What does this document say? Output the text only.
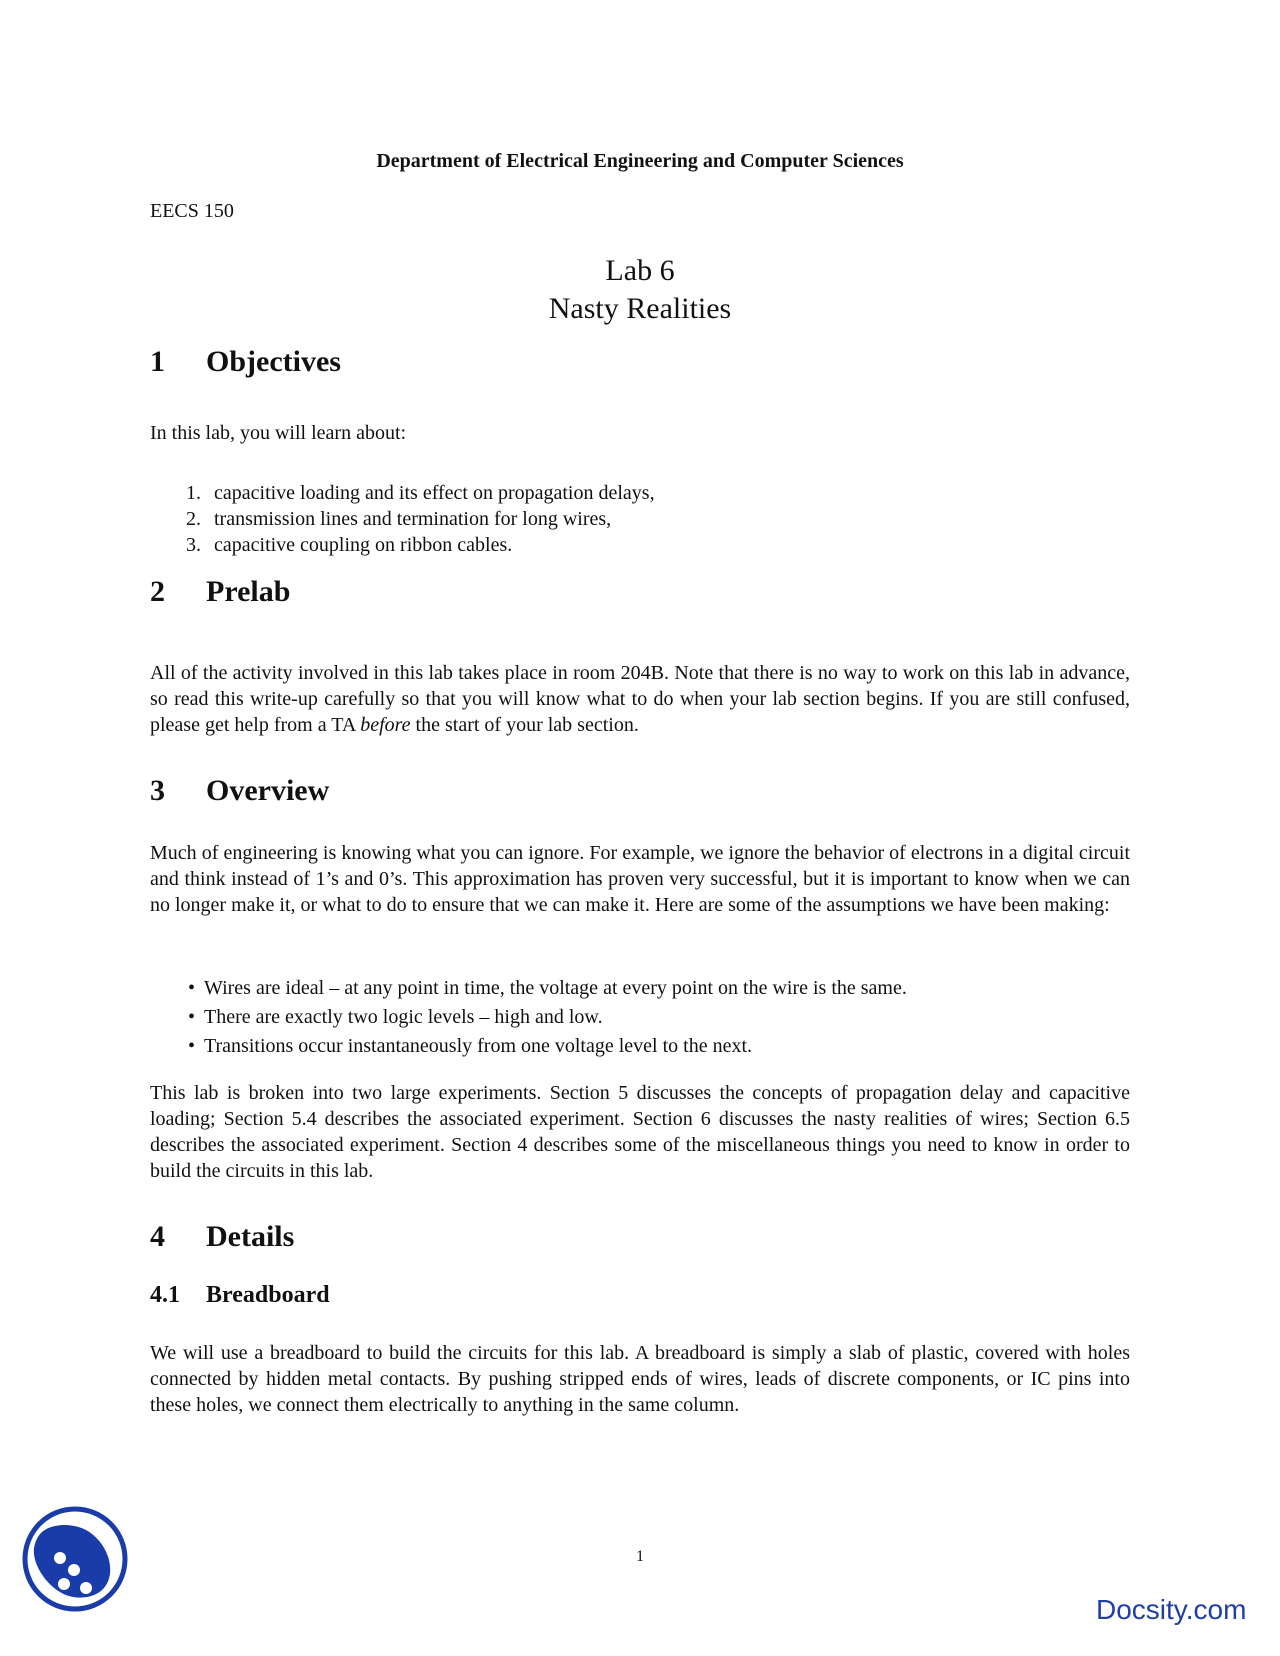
Department of Electrical Engineering and Computer Sciences
EECS 150
Lab 6
Nasty Realities
1 Objectives

In this lab, you will learn about:

1. capacitive loading and its effect on propagation delays,
2. transmission lines and termination for long wires,
3. capacitive coupling on ribbon cables.
2 Prelab

All of the activity involved in this lab takes place in room 204B. Note that there is no way to work on this lab in advance, so read this write-up carefully so that you will know what to do when your lab section begins. If you are still confused, please get help from a TA before the start of your lab section.

3 Overview

Much of engineering is knowing what you can ignore. For example, we ignore the behavior of electrons in a digital circuit and think instead of 1’s and 0’s. This approximation has proven very successful, but it is important to know when we can no longer make it, or what to do to ensure that we can make it. Here are some of the assumptions we have been making:

• Wires are ideal – at any point in time, the voltage at every point on the wire is the same.
• There are exactly two logic levels – high and low.
• Transitions occur instantaneously from one voltage level to the next.

This lab is broken into two large experiments. Section 5 discusses the concepts of propagation delay and capacitive loading; Section 5.4 describes the associated experiment. Section 6 discusses the nasty realities of wires; Section 6.5 describes the associated experiment. Section 4 describes some of the miscellaneous things you need to know in order to build the circuits in this lab.

4 Details
4.1 Breadboard

We will use a breadboard to build the circuits for this lab. A breadboard is simply a slab of plastic, covered with holes connected by hidden metal contacts. By pushing stripped ends of wires, leads of discrete components, or IC pins into these holes, we connect them electrically to anything in the same column.

1
Docsity.com
